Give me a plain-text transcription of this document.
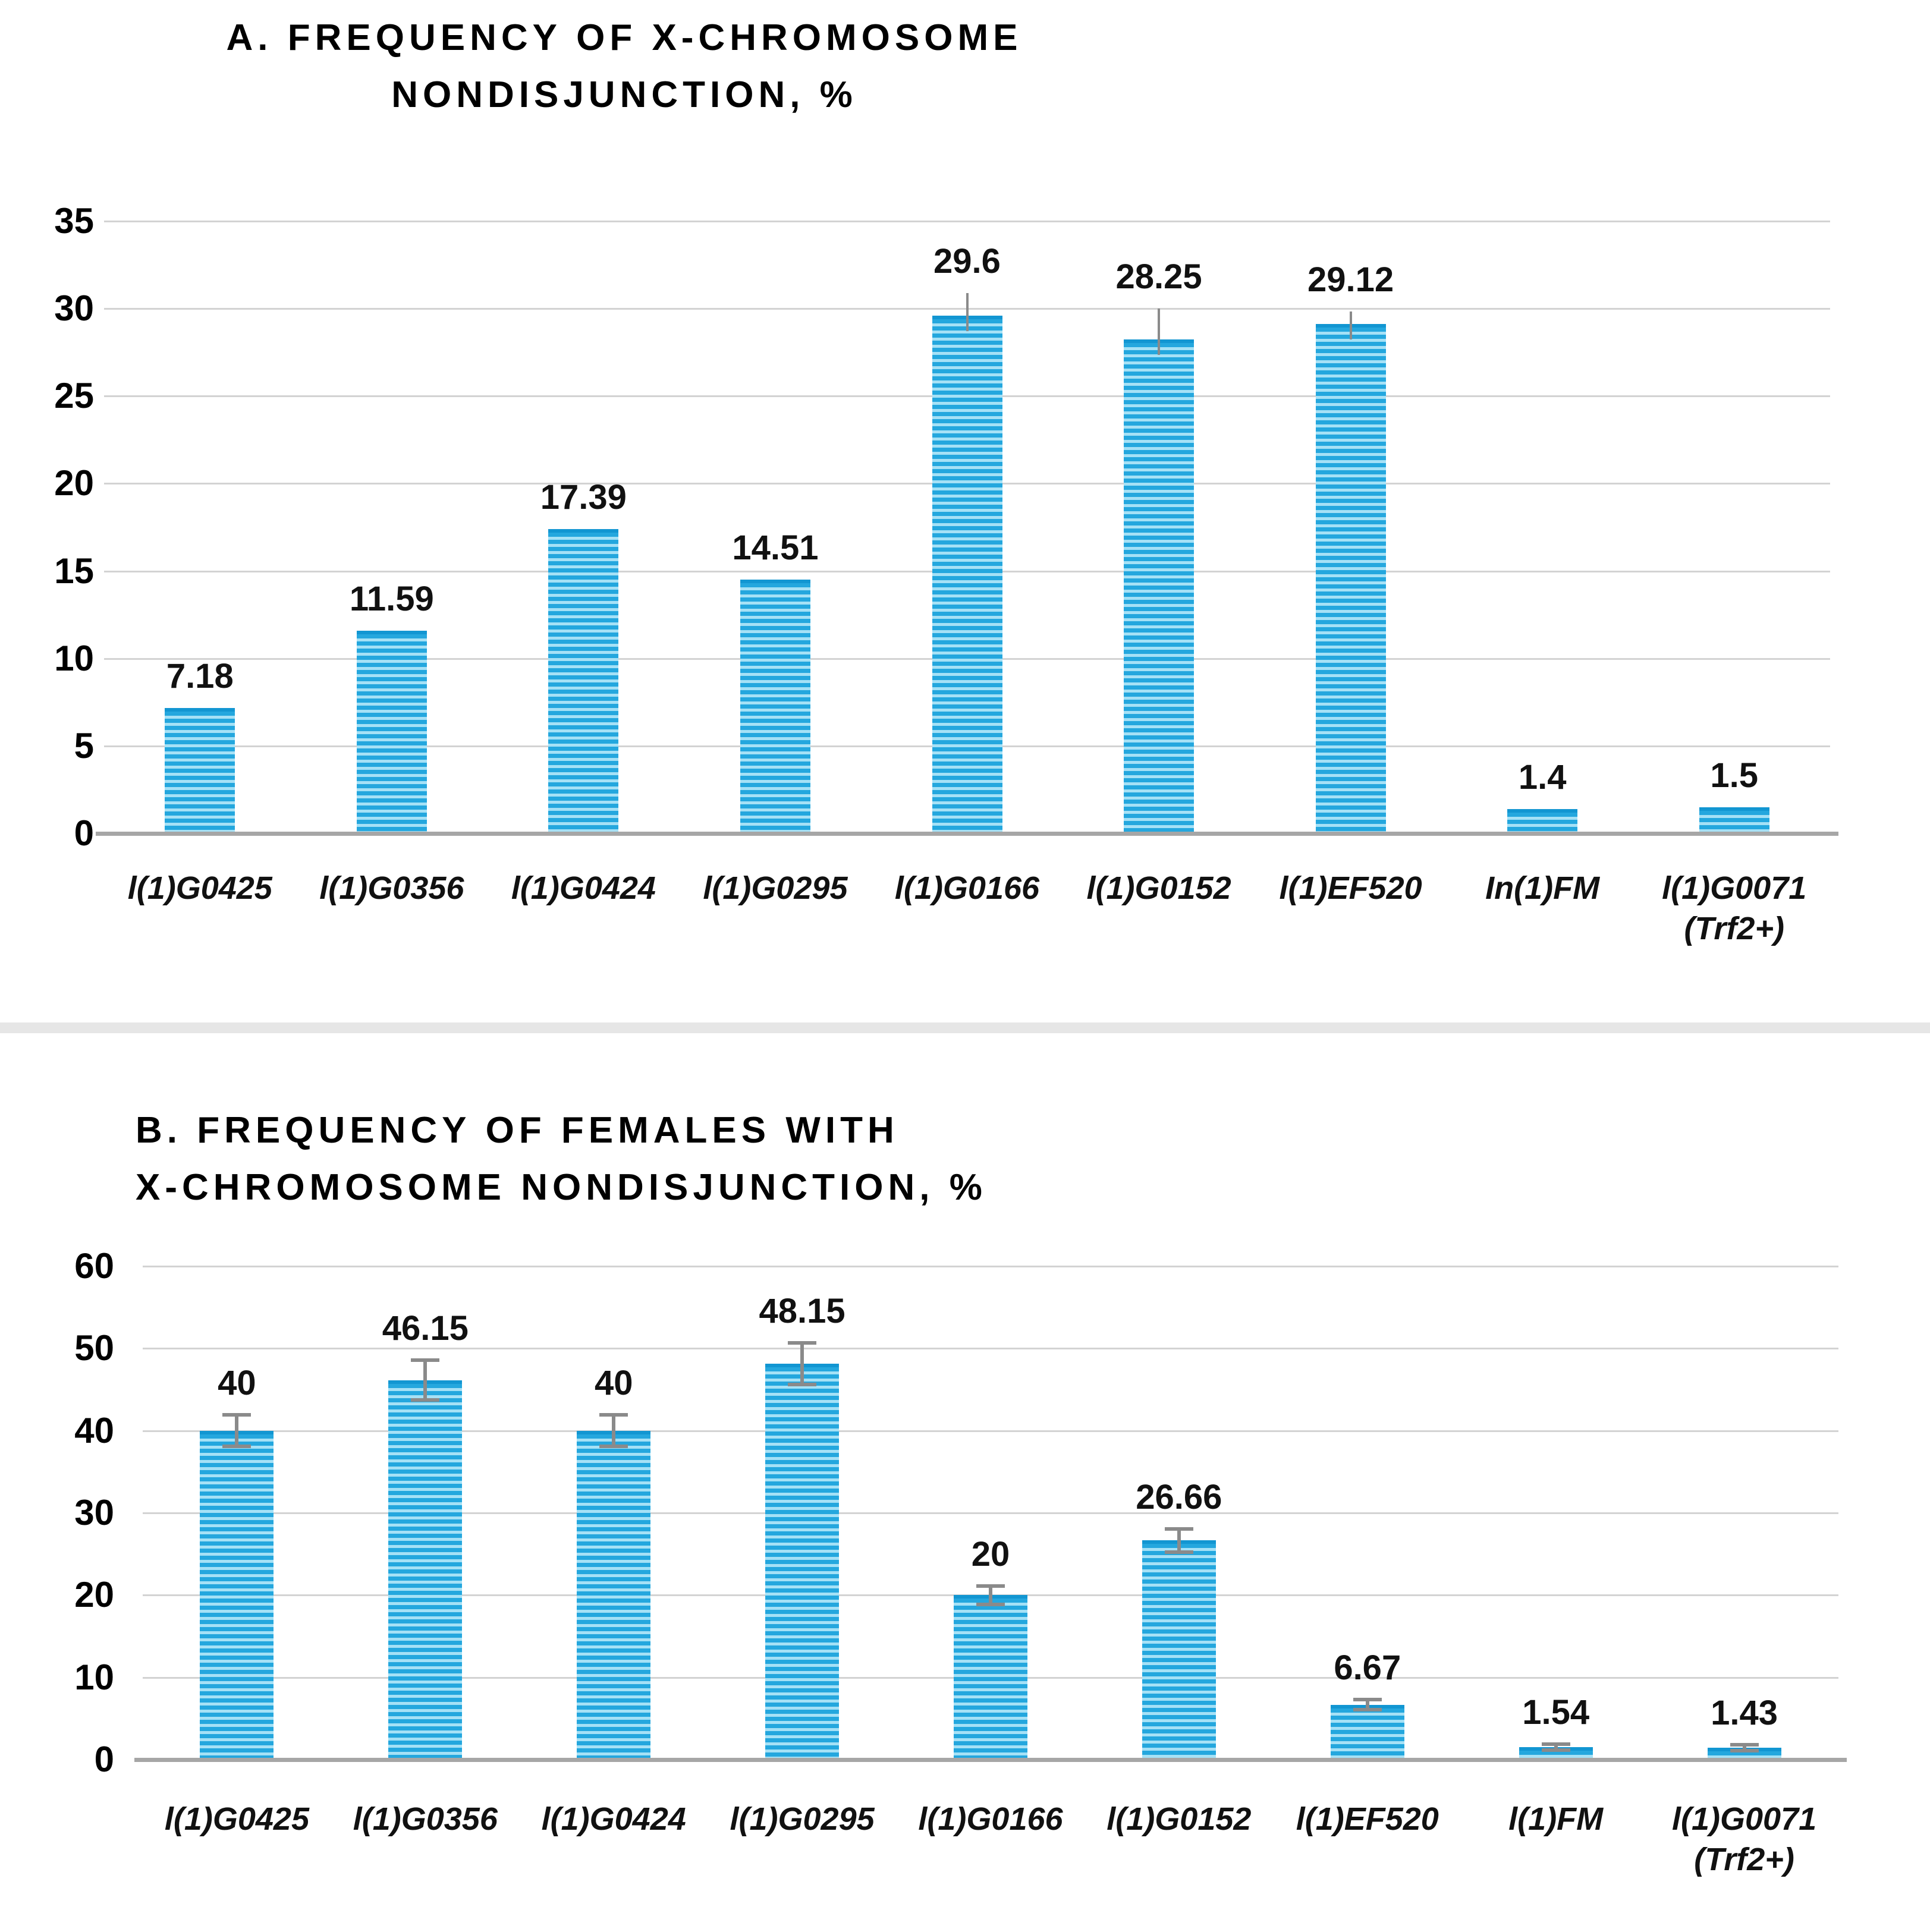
A. FREQUENCY OF X-CHROMOSOME
NONDISJUNCTION, %
0
5
10
15
20
25
30
35
7.18
l(1)G0425
11.59
l(1)G0356
17.39
l(1)G0424
14.51
l(1)G0295
29.6
l(1)G0166
28.25
l(1)G0152
29.12
l(1)EF520
1.4
In(1)FM
1.5
l(1)G0071
(Trf2+)
B. FREQUENCY OF FEMALES WITH
X-CHROMOSOME NONDISJUNCTION, %
0
10
20
30
40
50
60
40
l(1)G0425
46.15
l(1)G0356
40
l(1)G0424
48.15
l(1)G0295
20
l(1)G0166
26.66
l(1)G0152
6.67
l(1)EF520
1.54
l(1)FM
1.43
l(1)G0071
(Trf2+)
